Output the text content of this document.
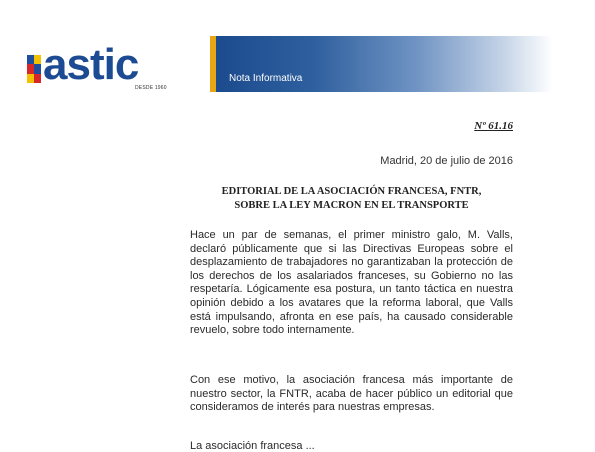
astic
DESDE 1960
Nota Informativa
Nº 61.16
Madrid, 20 de julio de 2016
EDITORIAL DE LA ASOCIACIÓN FRANCESA, FNTR,
SOBRE LA LEY MACRON EN EL TRANSPORTE

Hace un par de semanas, el primer ministro galo, M. Valls, declaró públicamente que si las Directivas Europeas sobre el desplazamiento de trabajadores no garantizaban la protección de los derechos de los asalariados franceses, su Gobierno no las respetaría. Lógicamente esa postura, un tanto táctica en nuestra opinión debido a los avatares que la reforma laboral, que Valls está impulsando, afronta en ese país, ha causado considerable revuelo, sobre todo internamente.

Con ese motivo, la asociación francesa más importante de nuestro sector, la FNTR, acaba de hacer público un editorial que consideramos de interés para nuestras empresas.

La asociación francesa ...
